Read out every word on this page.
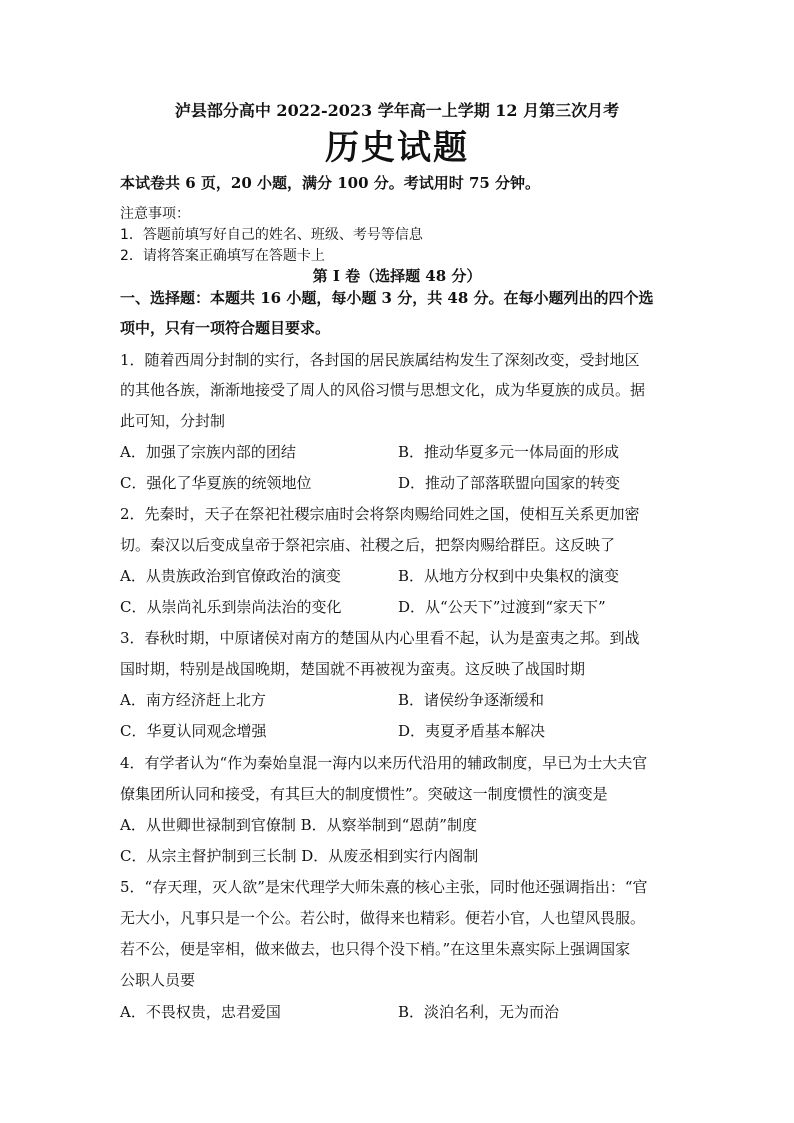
泸县部分高中 2022-2023 学年高一上学期 12 月第三次月考
历史试题
本试卷共 6 页，20 小题，满分 100 分。考试用时 75 分钟。
注意事项：
1．答题前填写好自己的姓名、班级、考号等信息
2．请将答案正确填写在答题卡上
第 I 卷（选择题 48 分）
一、选择题：本题共 16 小题，每小题 3 分，共 48 分。在每小题列出的四个选
项中，只有一项符合题目要求。
1．随着西周分封制的实行，各封国的居民族属结构发生了深刻改变，受封地区
的其他各族，渐渐地接受了周人的风俗习惯与思想文化，成为华夏族的成员。据
此可知，分封制
A．加强了宗族内部的团结	B．推动华夏多元一体局面的形成
C．强化了华夏族的统领地位	D．推动了部落联盟向国家的转变
2．先秦时，天子在祭祀社稷宗庙时会将祭肉赐给同姓之国，使相互关系更加密
切。秦汉以后变成皇帝于祭祀宗庙、社稷之后，把祭肉赐给群臣。这反映了
A．从贵族政治到官僚政治的演变	B．从地方分权到中央集权的演变
C．从崇尚礼乐到崇尚法治的变化	D．从“公天下”过渡到“家天下”
3．春秋时期，中原诸侯对南方的楚国从内心里看不起，认为是蛮夷之邦。到战
国时期，特别是战国晚期，楚国就不再被视为蛮夷。这反映了战国时期
A．南方经济赶上北方	B．诸侯纷争逐渐缓和
C．华夏认同观念增强	D．夷夏矛盾基本解决
4．有学者认为“作为秦始皇混一海内以来历代沿用的辅政制度，早已为士大夫官
僚集团所认同和接受，有其巨大的制度惯性”。突破这一制度惯性的演变是
A．从世卿世禄制到官僚制 B．从察举制到“恩荫”制度
C．从宗主督护制到三长制 D．从废丞相到实行内阁制
5．“存天理，灭人欲”是宋代理学大师朱熹的核心主张，同时他还强调指出：“官
无大小，凡事只是一个公。若公时，做得来也精彩。便若小官，人也望风畏服。
若不公，便是宰相，做来做去，也只得个没下梢。”在这里朱熹实际上强调国家
公职人员要
A．不畏权贵，忠君爱国	B．淡泊名利，无为而治
